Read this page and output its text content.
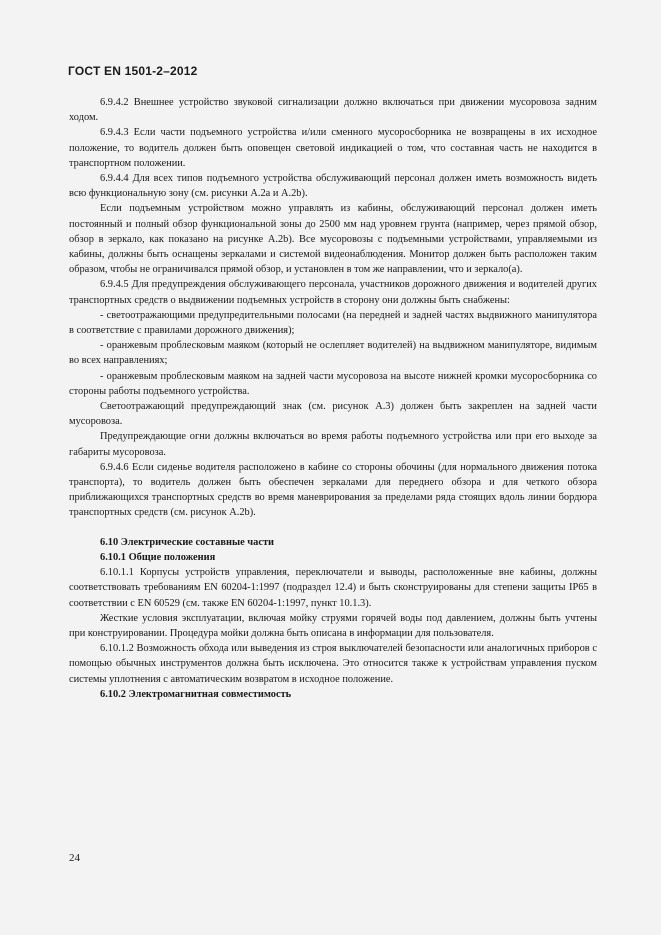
ГОСТ EN 1501-2–2012

6.9.4.2 Внешнее устройство звуковой сигнализации должно включаться при движении мусоровоза задним ходом.

6.9.4.3 Если части подъемного устройства и/или сменного мусоросборника не возвращены в их исходное положение, то водитель должен быть оповещен световой индикацией о том, что составная часть не находится в транспортном положении.

6.9.4.4 Для всех типов подъемного устройства обслуживающий персонал должен иметь возможность видеть всю функциональную зону (см. рисунки А.2а и А.2b).

Если подъемным устройством можно управлять из кабины, обслуживающий персонал должен иметь постоянный и полный обзор функциональной зоны до 2500 мм над уровнем грунта (например, через прямой обзор, обзор в зеркало, как показано на рисунке А.2b). Все мусоровозы с подъемными устройствами, управляемыми из кабины, должны быть оснащены зеркалами и системой видеонаблюдения. Монитор должен быть расположен таким образом, чтобы не ограничивался прямой обзор, и установлен в том же направлении, что и зеркало(а).

6.9.4.5 Для предупреждения обслуживающего персонала, участников дорожного движения и водителей других транспортных средств о выдвижении подъемных устройств в сторону они должны быть снабжены:

- светоотражающими предупредительными полосами (на передней и задней частях выдвижного манипулятора в соответствие с правилами дорожного движения);

- оранжевым проблесковым маяком (который не ослепляет водителей) на выдвижном манипуляторе, видимым во всех направлениях;

- оранжевым проблесковым маяком на задней части мусоровоза на высоте нижней кромки мусоросборника со стороны работы подъемного устройства.

Светоотражающий предупреждающий знак (см. рисунок А.3) должен быть закреплен на задней части мусоровоза.

Предупреждающие огни должны включаться во время работы подъемного устройства или при его выходе за габариты мусоровоза.

6.9.4.6 Если сиденье водителя расположено в кабине со стороны обочины (для нормального движения потока транспорта), то водитель должен быть обеспечен зеркалами для переднего обзора и для четкого обзора приближающихся транспортных средств во время маневрирования за пределами ряда стоящих вдоль линии бордюра транспортных средств (см. рисунок А.2b).

6.10 Электрические составные части

6.10.1 Общие положения

6.10.1.1 Корпусы устройств управления, переключатели и выводы, расположенные вне кабины, должны соответствовать требованиям EN 60204-1:1997 (подраздел 12.4) и быть сконструированы для степени защиты IP65 в соответствии с EN 60529 (см. также EN 60204-1:1997, пункт 10.1.3).

Жесткие условия эксплуатации, включая мойку струями горячей воды под давлением, должны быть учтены при конструировании. Процедура мойки должна быть описана в информации для пользователя.

6.10.1.2 Возможность обхода или выведения из строя выключателей безопасности или аналогичных приборов с помощью обычных инструментов должна быть исключена. Это относится также к устройствам управления пуском системы уплотнения с автоматическим возвратом в исходное положение.

6.10.2 Электромагнитная совместимость

24
